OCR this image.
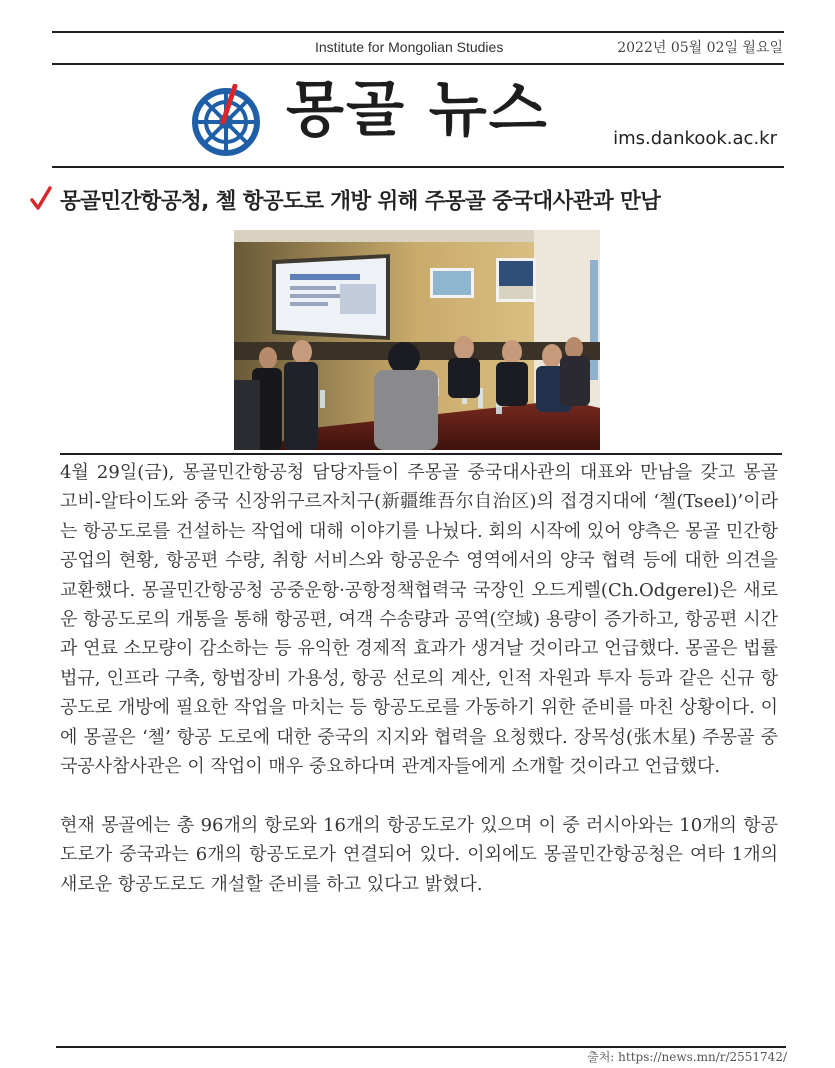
Institute for Mongolian Studies	2022년 05월 02일 월요일
몽골 뉴스	ims.dankook.ac.kr
몽골민간항공청, 첼 항공도로 개방 위해 주몽골 중국대사관과 만남

4월 29일(금), 몽골민간항공청 담당자들이 주몽골 중국대사관의 대표와 만남을 갖고 몽골 고비-알타이도와 중국 신장위구르자치구(新疆维吾尔自治区)의 접경지대에 ‘첼(Tseel)’이라는 항공도로를 건설하는 작업에 대해 이야기를 나눴다. 회의 시작에 있어 양측은 몽골 민간항공업의 현황, 항공편 수량, 취항 서비스와 항공운수 영역에서의 양국 협력 등에 대한 의견을 교환했다. 몽골민간항공청 공중운항·공항정책협력국 국장인 오드게렐(Ch.Odgerel)은 새로운 항공도로의 개통을 통해 항공편, 여객 수송량과 공역(空域) 용량이 증가하고, 항공편 시간과 연료 소모량이 감소하는 등 유익한 경제적 효과가 생겨날 것이라고 언급했다. 몽골은 법률법규, 인프라 구축, 항법장비 가용성, 항공 선로의 계산, 인적 자원과 투자 등과 같은 신규 항공도로 개방에 필요한 작업을 마치는 등 항공도로를 가동하기 위한 준비를 마친 상황이다. 이에 몽골은 ‘첼’ 항공 도로에 대한 중국의 지지와 협력을 요청했다. 장목성(张木星) 주몽골 중국공사참사관은 이 작업이 매우 중요하다며 관계자들에게 소개할 것이라고 언급했다.

현재 몽골에는 총 96개의 항로와 16개의 항공도로가 있으며 이 중 러시아와는 10개의 항공도로가 중국과는 6개의 항공도로가 연결되어 있다. 이외에도 몽골민간항공청은 여타 1개의 새로운 항공도로도 개설할 준비를 하고 있다고 밝혔다.

출처: https://news.mn/r/2551742/
